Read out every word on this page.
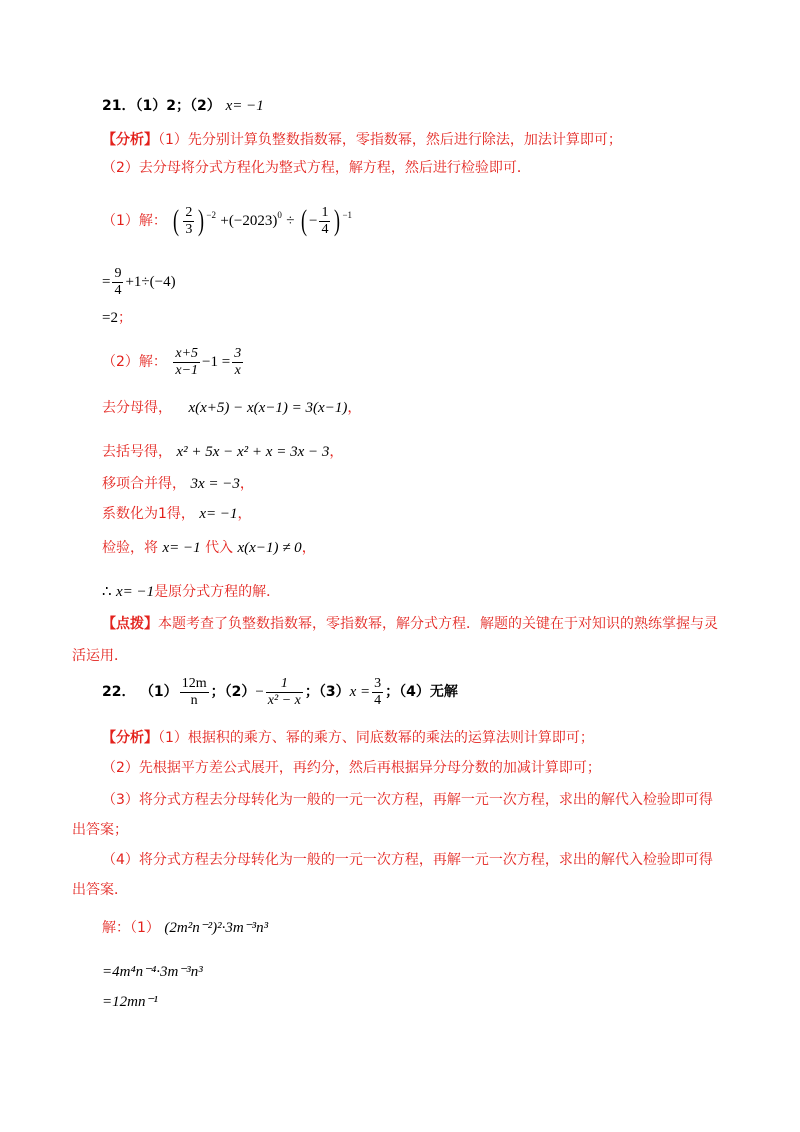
21．（1）2；（2） x= −1
【分析】（1）先分别计算负整数指数幂，零指数幂，然后进行除法，加法计算即可；
（2）去分母将分式方程化为整式方程，解方程，然后进行检验即可．
（1）解： ( $\frac{2}{3}$ ) $^{-2} +(-2023)^0$ ÷ ( − $\frac{1}{4}$ ) $^{-1}$
= $\frac{9}{4} +1\div(-4)$
=2；
（2）解： $\frac{x+5}{x-1} -1 = \frac{3}{x}$
去分母得， x(x+5) − x(x−1) = 3(x−1)，
去括号得， x² + 5x − x² + x = 3x − 3，
移项合并得， 3x = −3，
系数化为1得， x= −1，
检验，将 x= −1 代入 x(x−1) ≠ 0，
∴ x= −1是原分式方程的解．
【点拨】本题考查了负整数指数幂，零指数幂，解分式方程．解题的关键在于对知识的熟练掌握与灵
活运用．
22． $(1) \frac{12m}{n}$ ；$(2)- \frac{1}{\text{x² − x}}$ ；$(3)x = \frac{3}{4}$ ；（4）无解
【分析】（1）根据积的乘方、幂的乘方、同底数幂的乘法的运算法则计算即可；
（2）先根据平方差公式展开，再约分，然后再根据异分母分数的加减计算即可；
（3）将分式方程去分母转化为一般的一元一次方程，再解一元一次方程，求出的解代入检验即可得
出答案；
（4）将分式方程去分母转化为一般的一元一次方程，再解一元一次方程，求出的解代入检验即可得
出答案．
解：（1） (2m²n⁻²)²·3m⁻³n³
=4m⁴n⁻⁴·3m⁻³n³
=12mn⁻¹
